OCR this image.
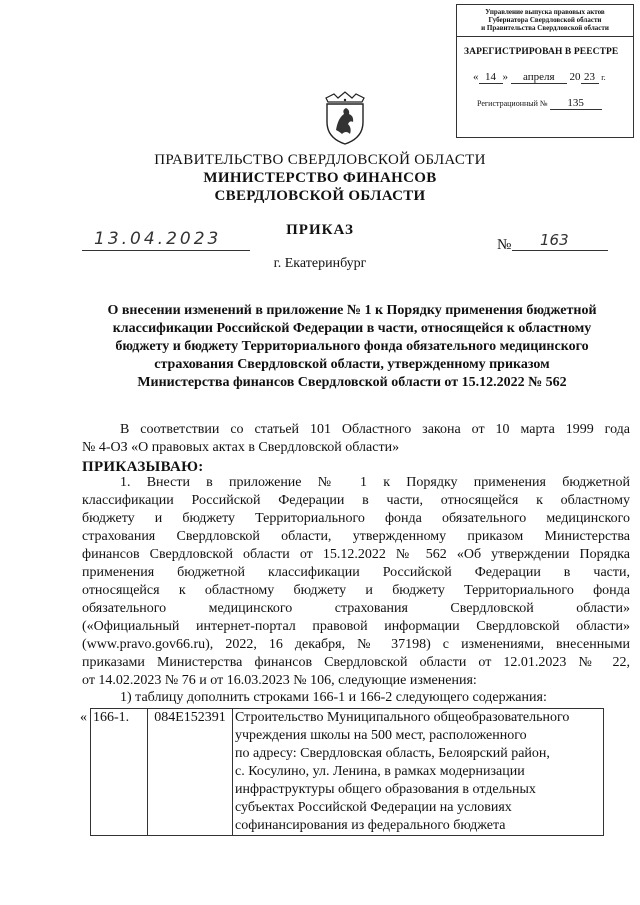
Управление выпуска правовых актов
Губернатора Свердловской области
и Правительства Свердловской области
ЗАРЕГИСТРИРОВАН В РЕЕСТРЕ
« 14 » апреля 20 23 г.
Регистрационный № 135
ПРАВИТЕЛЬСТВО СВЕРДЛОВСКОЙ ОБЛАСТИ
МИНИСТЕРСТВО ФИНАНСОВ
СВЕРДЛОВСКОЙ ОБЛАСТИ
ПРИКАЗ
13.04.2023	№ 163
г. Екатеринбург
О внесении изменений в приложение № 1 к Порядку применения бюджетной
классификации Российской Федерации в части, относящейся к областному
бюджету и бюджету Территориального фонда обязательного медицинского
страхования Свердловской области, утвержденному приказом
Министерства финансов Свердловской области от 15.12.2022 № 562
В соответствии со статьей 101 Областного закона от 10 марта 1999 года
№ 4-ОЗ «О правовых актах в Свердловской области»
ПРИКАЗЫВАЮ:
1. Внести в приложение № 1 к Порядку применения бюджетной
классификации Российской Федерации в части, относящейся к областному
бюджету и бюджету Территориального фонда обязательного медицинского
страхования Свердловской области, утвержденному приказом Министерства
финансов Свердловской области от 15.12.2022 № 562 «Об утверждении Порядка
применения бюджетной классификации Российской Федерации в части,
относящейся к областному бюджету и бюджету Территориального фонда
обязательного медицинского страхования Свердловской области»
(«Официальный интернет-портал правовой информации Свердловской области»
(www.pravo.gov66.ru), 2022, 16 декабря, № 37198) с изменениями, внесенными
приказами Министерства финансов Свердловской области от 12.01.2023 № 22,
от 14.02.2023 № 76 и от 16.03.2023 № 106, следующие изменения:
1) таблицу дополнить строками 166-1 и 166-2 следующего содержания:
«	166-1.	084E152391	Строительство Муниципального общеобразовательного
учреждения школы на 500 мест, расположенного
по адресу: Свердловская область, Белоярский район,
с. Косулино, ул. Ленина, в рамках модернизации
инфраструктуры общего образования в отдельных
субъектах Российской Федерации на условиях
софинансирования из федерального бюджета
